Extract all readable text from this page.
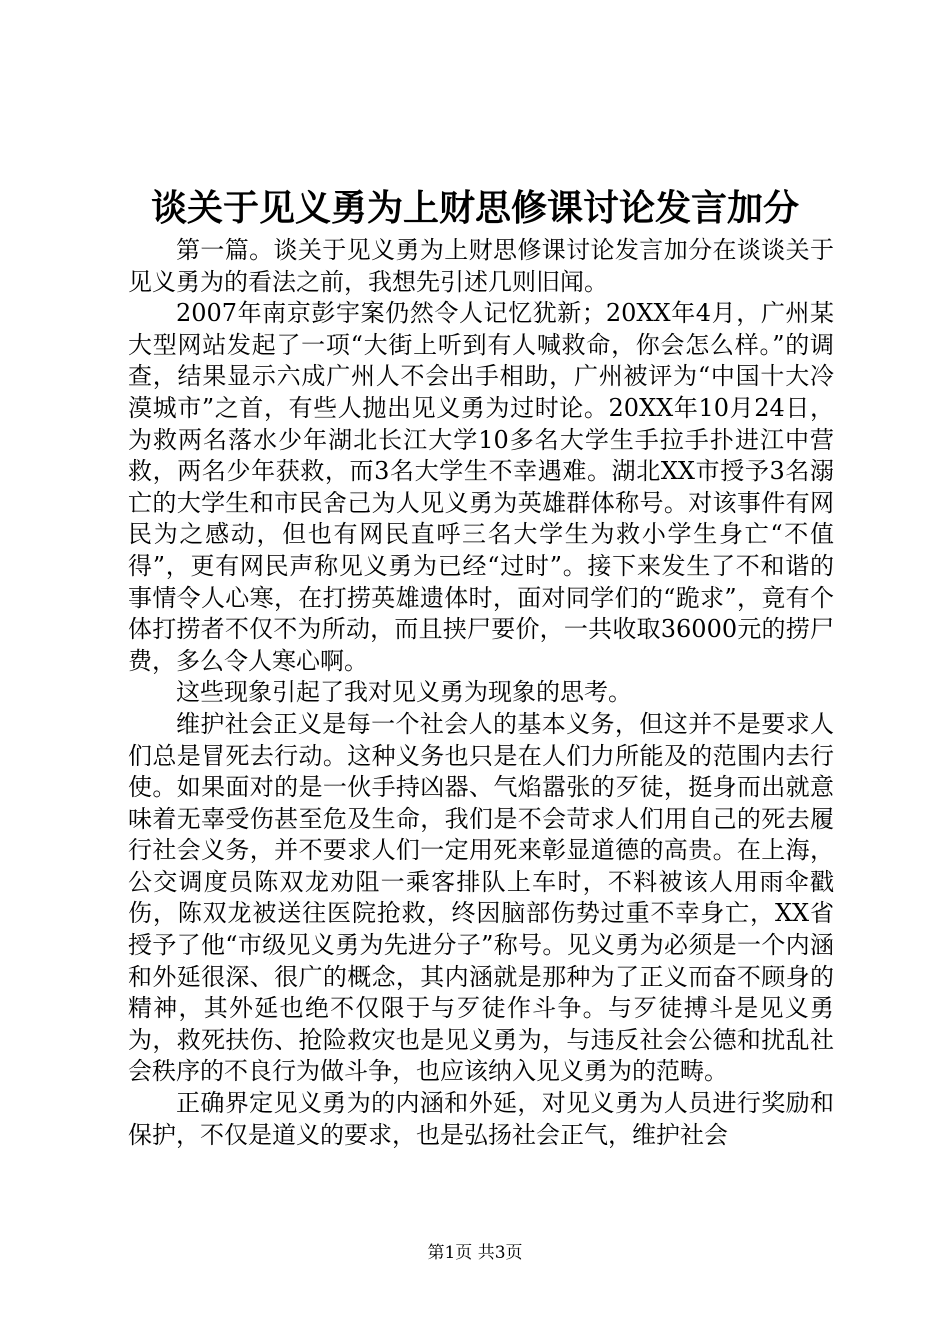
谈关于见义勇为上财思修课讨论发言加分

第一篇。谈关于见义勇为上财思修课讨论发言加分在谈谈关于见义勇为的看法之前，我想先引述几则旧闻。

2007年南京彭宇案仍然令人记忆犹新；20XX年4月，广州某大型网站发起了一项“大街上听到有人喊救命，你会怎么样。”的调查，结果显示六成广州人不会出手相助，广州被评为“中国十大冷漠城市”之首，有些人抛出见义勇为过时论。20XX年10月24日，为救两名落水少年湖北长江大学10多名大学生手拉手扑进江中营救，两名少年获救，而3名大学生不幸遇难。湖北XX市授予3名溺亡的大学生和市民舍己为人见义勇为英雄群体称号。对该事件有网民为之感动，但也有网民直呼三名大学生为救小学生身亡“不值得”，更有网民声称见义勇为已经“过时”。接下来发生了不和谐的事情令人心寒，在打捞英雄遗体时，面对同学们的“跪求”，竟有个体打捞者不仅不为所动，而且挟尸要价，一共收取36000元的捞尸费，多么令人寒心啊。

这些现象引起了我对见义勇为现象的思考。

维护社会正义是每一个社会人的基本义务，但这并不是要求人们总是冒死去行动。这种义务也只是在人们力所能及的范围内去行使。如果面对的是一伙手持凶器、气焰嚣张的歹徒，挺身而出就意味着无辜受伤甚至危及生命，我们是不会苛求人们用自己的死去履行社会义务，并不要求人们一定用死来彰显道德的高贵。在上海，公交调度员陈双龙劝阻一乘客排队上车时，不料被该人用雨伞戳伤，陈双龙被送往医院抢救，终因脑部伤势过重不幸身亡，XX省授予了他“市级见义勇为先进分子”称号。见义勇为必须是一个内涵和外延很深、很广的概念，其内涵就是那种为了正义而奋不顾身的精神，其外延也绝不仅限于与歹徒作斗争。与歹徒搏斗是见义勇为，救死扶伤、抢险救灾也是见义勇为，与违反社会公德和扰乱社会秩序的不良行为做斗争，也应该纳入见义勇为的范畴。

正确界定见义勇为的内涵和外延，对见义勇为人员进行奖励和保护，不仅是道义的要求，也是弘扬社会正气，维护社会

第1页 共3页
